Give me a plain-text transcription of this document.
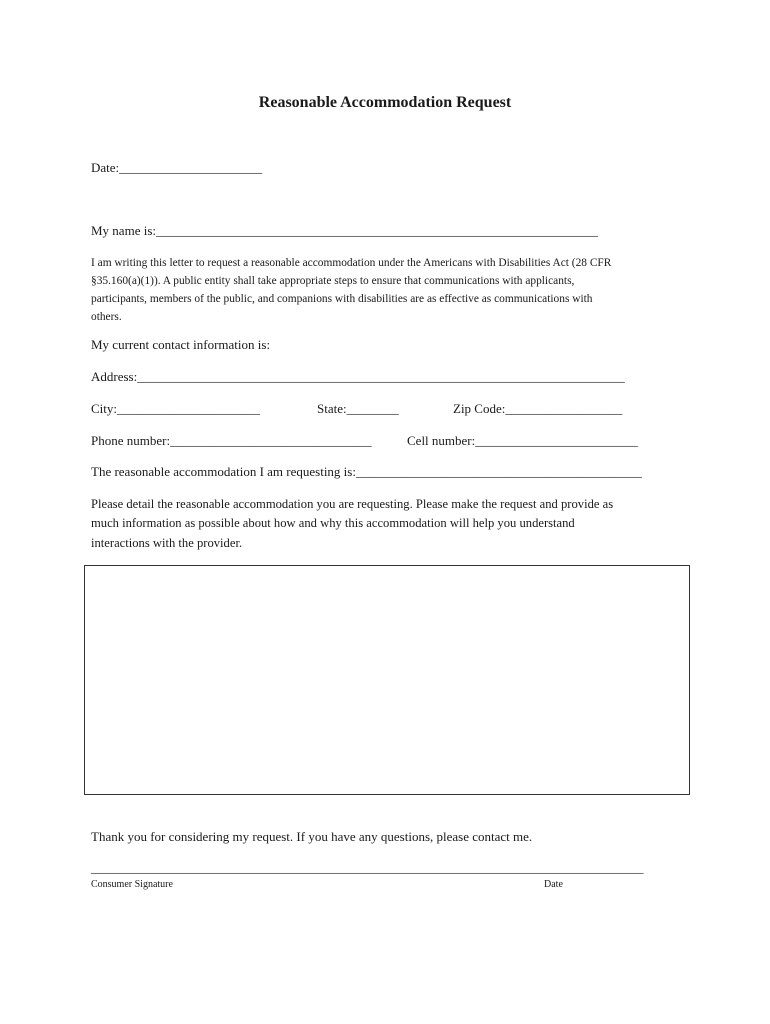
Reasonable Accommodation Request
Date:______________________
My name is:____________________________________________________________________
I am writing this letter to request a reasonable accommodation under the Americans with Disabilities Act (28 CFR
§35.160(a)(1)). A public entity shall take appropriate steps to ensure that communications with applicants,
participants, members of the public, and companions with disabilities are as effective as communications with
others.
My current contact information is:
Address:___________________________________________________________________________
City:______________________	State:________	Zip Code:__________________
Phone number:_______________________________	Cell number:_________________________
The reasonable accommodation I am requesting is:____________________________________________
Please detail the reasonable accommodation you are requesting. Please make the request and provide as
much information as possible about how and why this accommodation will help you understand
interactions with the provider.
Thank you for considering my request. If you have any questions, please contact me.
_____________________________________________________________________________________
Consumer Signature	Date
